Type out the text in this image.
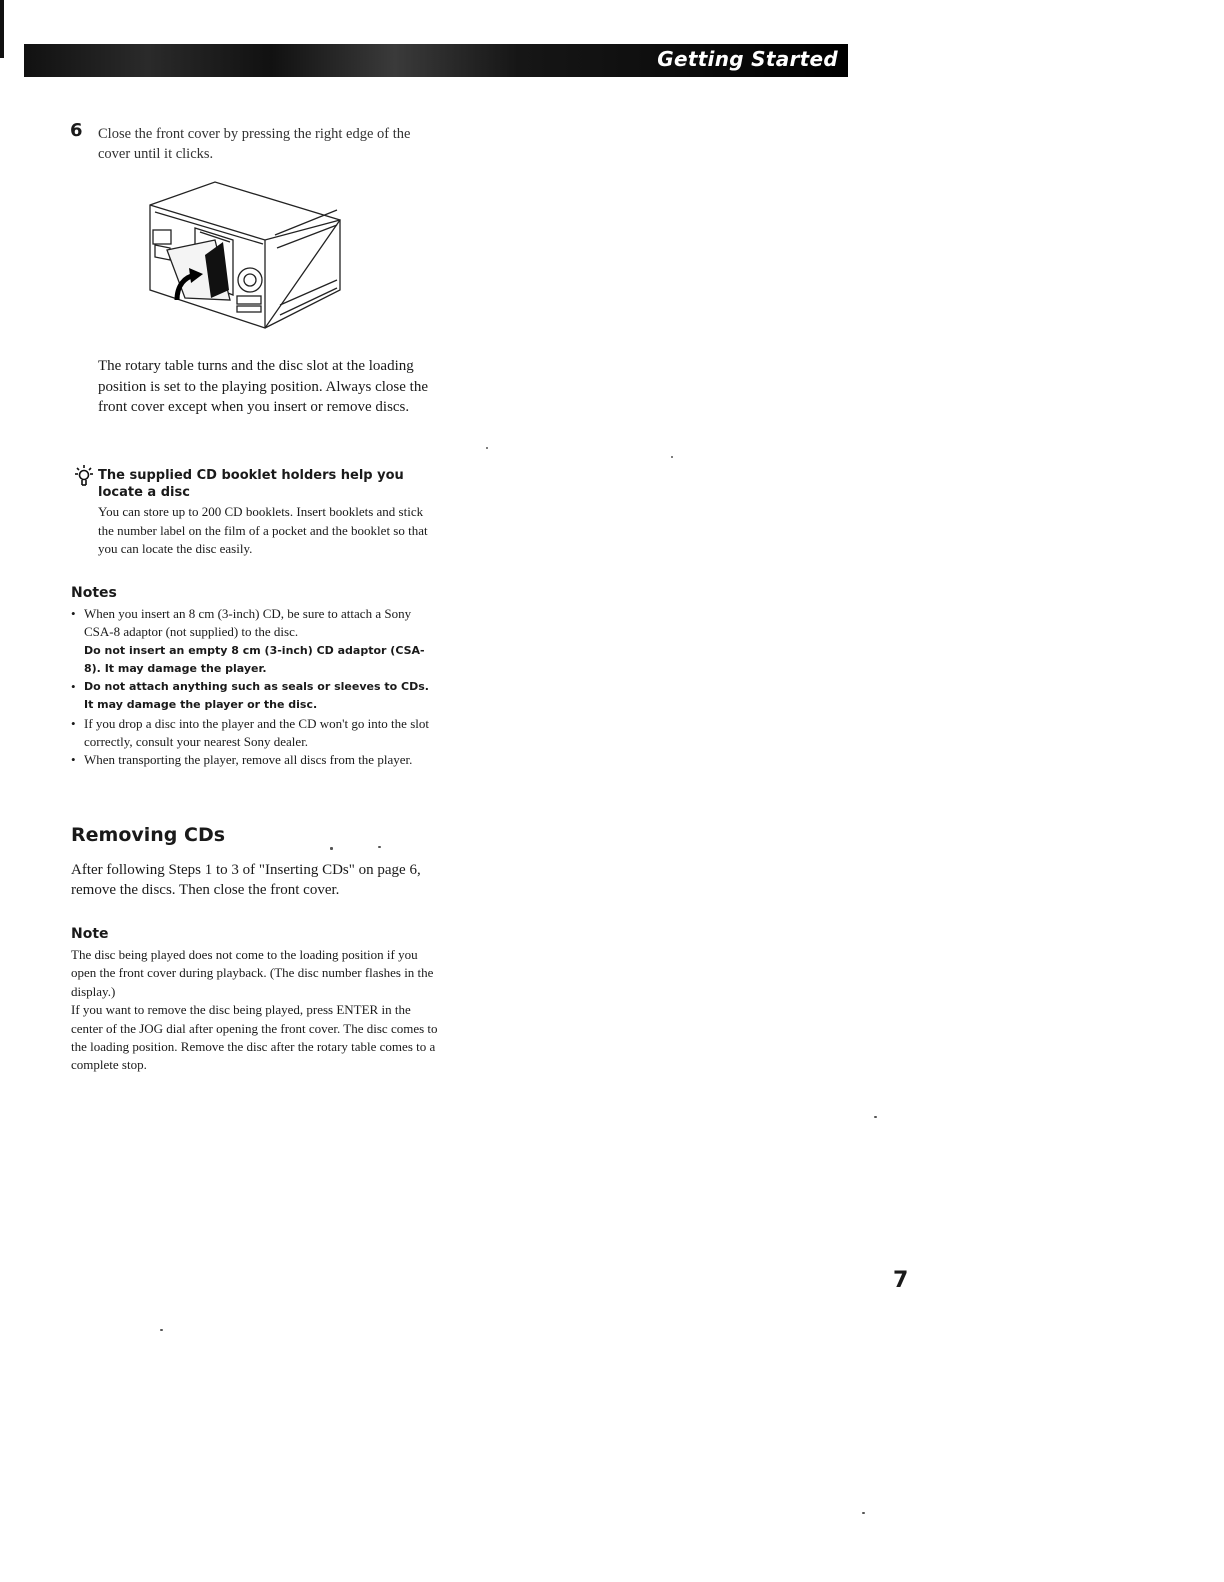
Getting Started
6 Close the front cover by pressing the right edge of the cover until it clicks.
The rotary table turns and the disc slot at the loading position is set to the playing position. Always close the front cover except when you insert or remove discs.
The supplied CD booklet holders help you locate a disc
You can store up to 200 CD booklets. Insert booklets and stick the number label on the film of a pocket and the booklet so that you can locate the disc easily.
Notes
• When you insert an 8 cm (3-inch) CD, be sure to attach a Sony CSA-8 adaptor (not supplied) to the disc.
Do not insert an empty 8 cm (3-inch) CD adaptor (CSA-8). It may damage the player.
• Do not attach anything such as seals or sleeves to CDs. It may damage the player or the disc.
• If you drop a disc into the player and the CD won't go into the slot correctly, consult your nearest Sony dealer.
• When transporting the player, remove all discs from the player.
Removing CDs
After following Steps 1 to 3 of "Inserting CDs" on page 6, remove the discs. Then close the front cover.
Note

The disc being played does not come to the loading position if you open the front cover during playback. (The disc number flashes in the display.)

If you want to remove the disc being played, press ENTER in the center of the JOG dial after opening the front cover. The disc comes to the loading position. Remove the disc after the rotary table comes to a complete stop.

7
